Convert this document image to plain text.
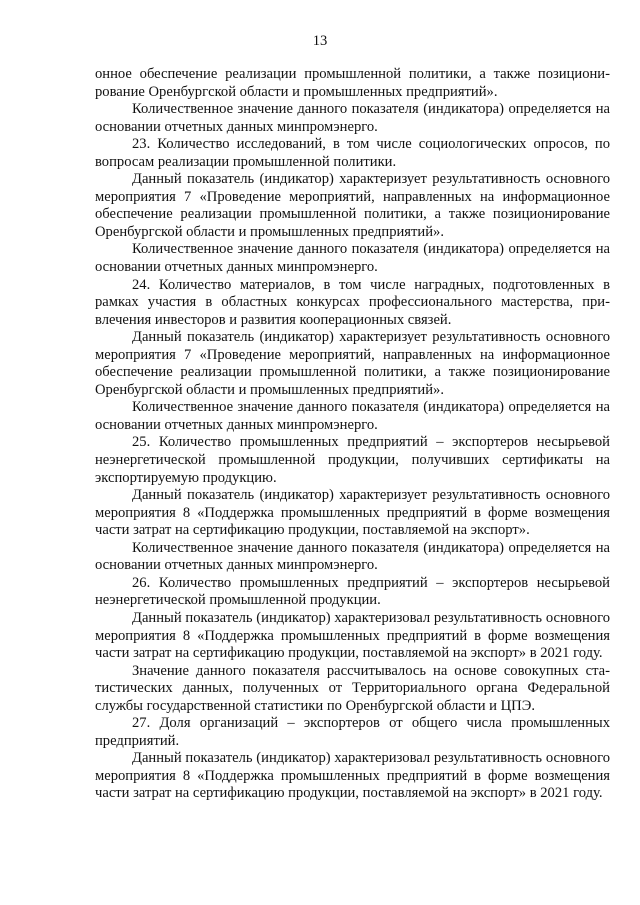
13

онное обеспечение реализации промышленной политики, а также позиционирование Оренбургской области и промышленных предприятий».

Количественное значение данного показателя (индикатора) определяется на основании отчетных данных минпромэнерго.

23. Количество исследований, в том числе социологических опросов, по вопросам реализации промышленной политики.

Данный показатель (индикатор) характеризует результативность основного мероприятия 7 «Проведение мероприятий, направленных на информационное обеспечение реализации промышленной политики, а также позиционирование Оренбургской области и промышленных предприятий».

Количественное значение данного показателя (индикатора) определяется на основании отчетных данных минпромэнерго.

24. Количество материалов, в том числе наградных, подготовленных в рамках участия в областных конкурсах профессионального мастерства, привлечения инвесторов и развития кооперационных связей.

Данный показатель (индикатор) характеризует результативность основного мероприятия 7 «Проведение мероприятий, направленных на информационное обеспечение реализации промышленной политики, а также позиционирование Оренбургской области и промышленных предприятий».

Количественное значение данного показателя (индикатора) определяется на основании отчетных данных минпромэнерго.

25. Количество промышленных предприятий – экспортеров несырьевой неэнергетической промышленной продукции, получивших сертификаты на экспортируемую продукцию.

Данный показатель (индикатор) характеризует результативность основного мероприятия 8 «Поддержка промышленных предприятий в форме возмещения части затрат на сертификацию продукции, поставляемой на экспорт».

Количественное значение данного показателя (индикатора) определяется на основании отчетных данных минпромэнерго.

26. Количество промышленных предприятий – экспортеров несырьевой неэнергетической промышленной продукции.

Данный показатель (индикатор) характеризовал результативность основного мероприятия 8 «Поддержка промышленных предприятий в форме возмещения части затрат на сертификацию продукции, поставляемой на экспорт» в 2021 году.

Значение данного показателя рассчитывалось на основе совокупных статистических данных, полученных от Территориального органа Федеральной службы государственной статистики по Оренбургской области и ЦПЭ.

27. Доля организаций – экспортеров от общего числа промышленных предприятий.

Данный показатель (индикатор) характеризовал результативность основного мероприятия 8 «Поддержка промышленных предприятий в форме возмещения части затрат на сертификацию продукции, поставляемой на экспорт» в 2021 году.
